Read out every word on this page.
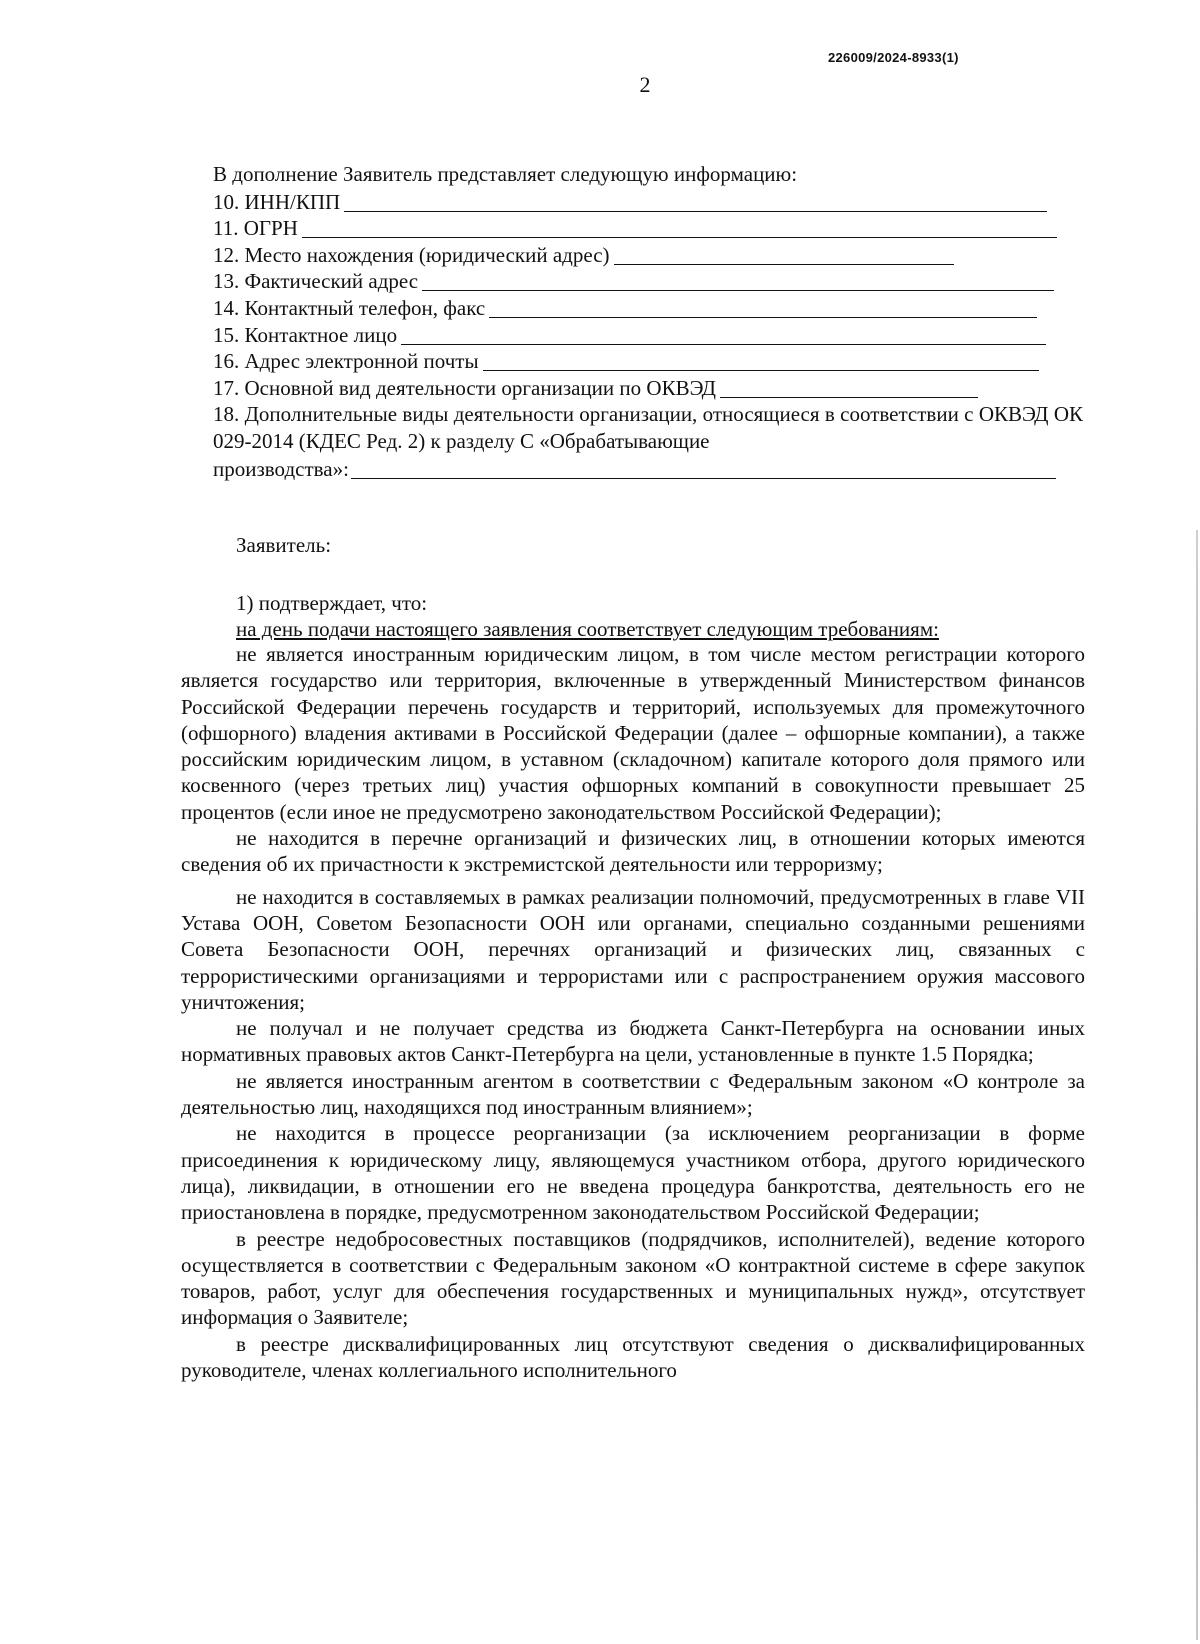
226009/2024-8933(1)
2
В дополнение Заявитель представляет следующую информацию:
10. ИНН/КПП
11. ОГРН
12. Место нахождения (юридический адрес)
13. Фактический адрес
14. Контактный телефон, факс
15. Контактное лицо
16. Адрес электронной почты
17. Основной вид деятельности организации по ОКВЭД
18. Дополнительные виды деятельности организации, относящиеся в соответствии с ОКВЭД ОК 029-2014 (КДЕС Ред. 2) к разделу С «Обрабатывающие
производства»:
Заявитель:
1) подтверждает, что:
на день подачи настоящего заявления соответствует следующим требованиям:

не является иностранным юридическим лицом, в том числе местом регистрации которого является государство или территория, включенные в утвержденный Министерством финансов Российской Федерации перечень государств и территорий, используемых для промежуточного (офшорного) владения активами в Российской Федерации (далее – офшорные компании), а также российским юридическим лицом, в уставном (складочном) капитале которого доля прямого или косвенного (через третьих лиц) участия офшорных компаний в совокупности превышает 25 процентов (если иное не предусмотрено законодательством Российской Федерации);

не находится в перечне организаций и физических лиц, в отношении которых имеются сведения об их причастности к экстремистской деятельности или терроризму;

не находится в составляемых в рамках реализации полномочий, предусмотренных в главе VII Устава ООН, Советом Безопасности ООН или органами, специально созданными решениями Совета Безопасности ООН, перечнях организаций и физических лиц, связанных с террористическими организациями и террористами или с распространением оружия массового уничтожения;

не получал и не получает средства из бюджета Санкт-Петербурга на основании иных нормативных правовых актов Санкт-Петербурга на цели, установленные в пункте 1.5 Порядка;

не является иностранным агентом в соответствии с Федеральным законом «О контроле за деятельностью лиц, находящихся под иностранным влиянием»;

не находится в процессе реорганизации (за исключением реорганизации в форме присоединения к юридическому лицу, являющемуся участником отбора, другого юридического лица), ликвидации, в отношении его не введена процедура банкротства, деятельность его не приостановлена в порядке, предусмотренном законодательством Российской Федерации;

в реестре недобросовестных поставщиков (подрядчиков, исполнителей), ведение которого осуществляется в соответствии с Федеральным законом «О контрактной системе в сфере закупок товаров, работ, услуг для обеспечения государственных и муниципальных нужд», отсутствует информация о Заявителе;

в реестре дисквалифицированных лиц отсутствуют сведения о дисквалифицированных руководителе, членах коллегиального исполнительного
